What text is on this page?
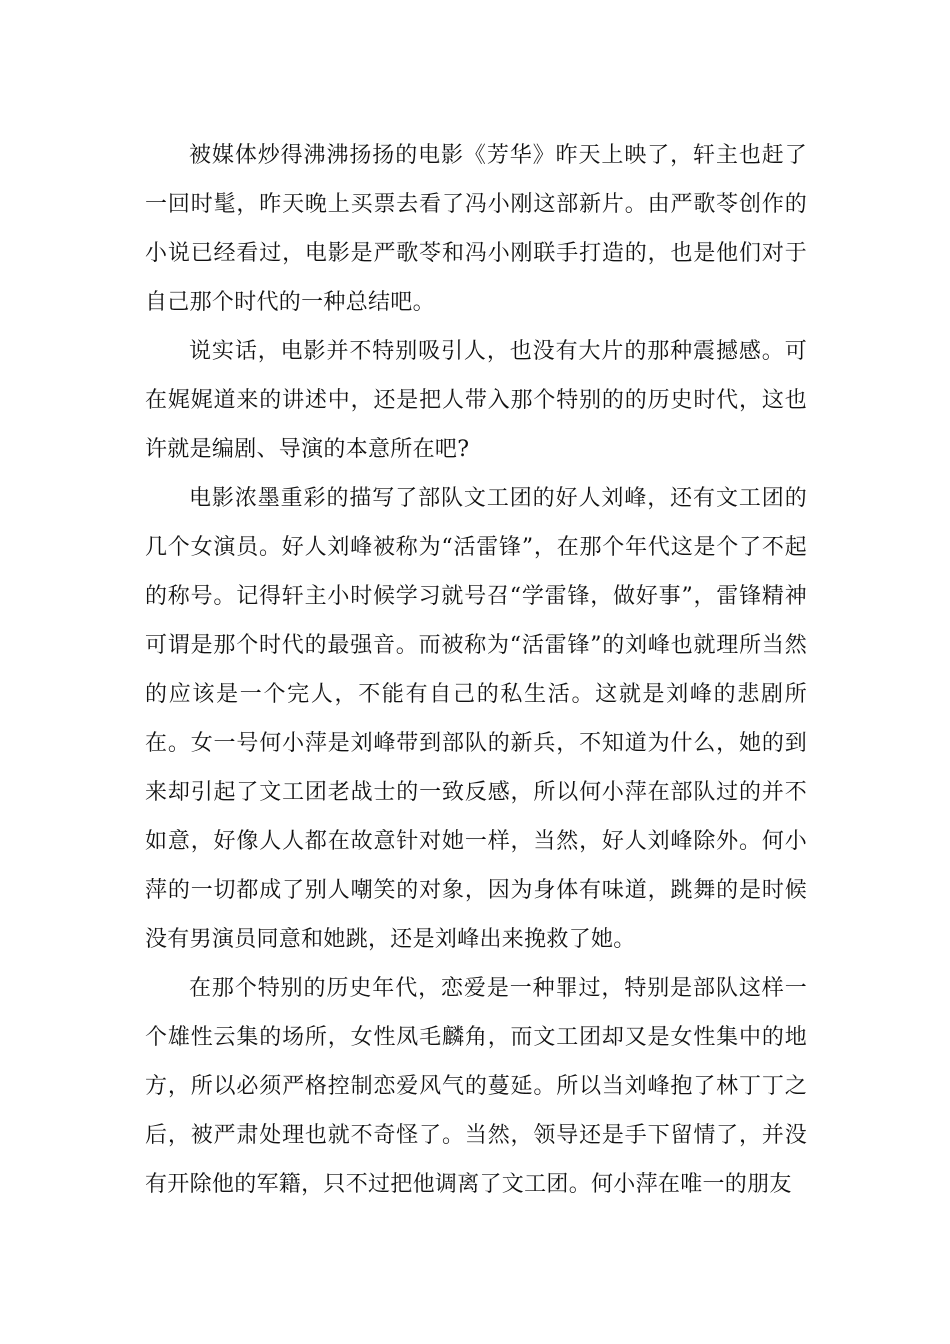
被媒体炒得沸沸扬扬的电影《芳华》昨天上映了，轩主也赶了一回时髦，昨天晚上买票去看了冯小刚这部新片。由严歌苓创作的小说已经看过，电影是严歌苓和冯小刚联手打造的，也是他们对于自己那个时代的一种总结吧。

说实话，电影并不特别吸引人，也没有大片的那种震撼感。可在娓娓道来的讲述中，还是把人带入那个特别的的历史时代，这也许就是编剧、导演的本意所在吧?

电影浓墨重彩的描写了部队文工团的好人刘峰，还有文工团的几个女演员。好人刘峰被称为“活雷锋”，在那个年代这是个了不起的称号。记得轩主小时候学习就号召“学雷锋，做好事”，雷锋精神可谓是那个时代的最强音。而被称为“活雷锋”的刘峰也就理所当然的应该是一个完人，不能有自己的私生活。这就是刘峰的悲剧所在。女一号何小萍是刘峰带到部队的新兵，不知道为什么，她的到来却引起了文工团老战士的一致反感，所以何小萍在部队过的并不如意，好像人人都在故意针对她一样，当然，好人刘峰除外。何小萍的一切都成了别人嘲笑的对象，因为身体有味道，跳舞的是时候没有男演员同意和她跳，还是刘峰出来挽救了她。

在那个特别的历史年代，恋爱是一种罪过，特别是部队这样一个雄性云集的场所，女性凤毛麟角，而文工团却又是女性集中的地方，所以必须严格控制恋爱风气的蔓延。所以当刘峰抱了林丁丁之后，被严肃处理也就不奇怪了。当然，领导还是手下留情了，并没有开除他的军籍，只不过把他调离了文工团。何小萍在唯一的朋友
